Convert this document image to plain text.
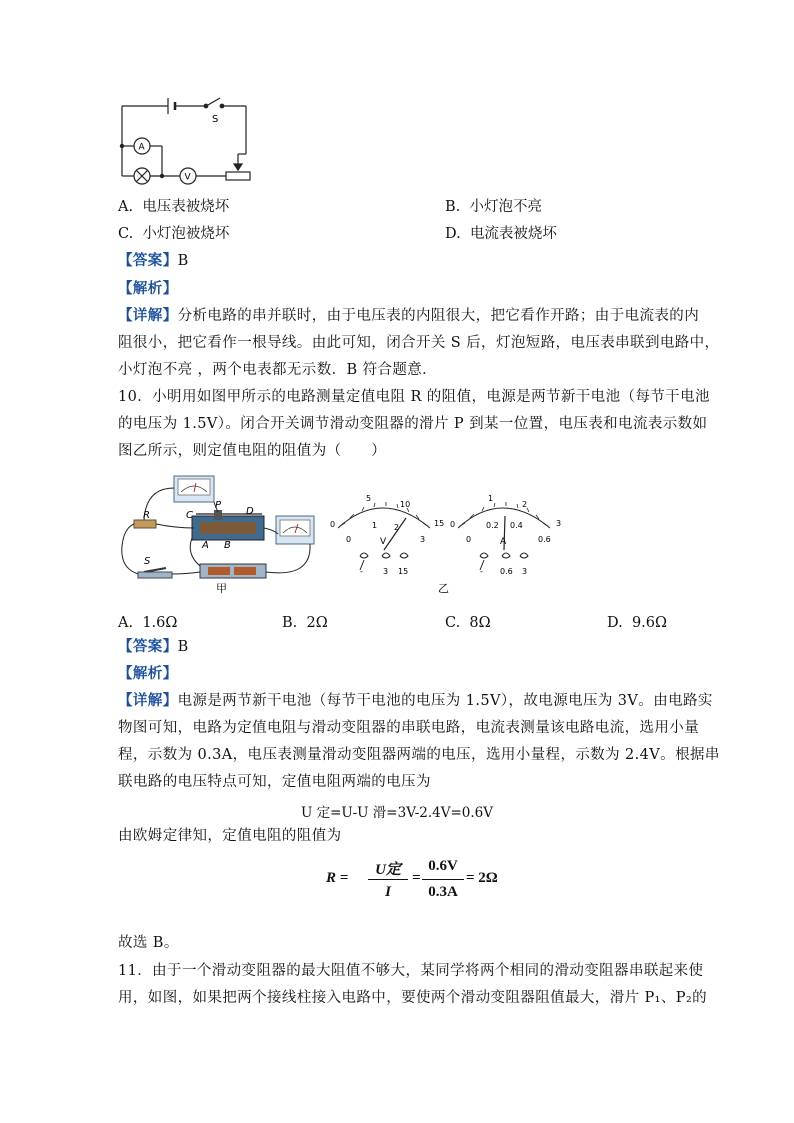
S
A
V
A. 电压表被烧坏	B. 小灯泡不亮
C. 小灯泡被烧坏	D. 电流表被烧坏
【答案】B
【解析】
【详解】分析电路的串并联时，由于电压表的内阻很大，把它看作开路；由于电流表的内
阻很小，把它看作一根导线。由此可知，闭合开关 S 后，灯泡短路，电压表串联到电路中，
小灯泡不亮 ，两个电表都无示数．B 符合题意．
10．小明用如图甲所示的电路测量定值电阻 R 的阻值，电源是两节新干电池（每节干电池
的电压为 1.5V）。闭合开关调节滑动变阻器的滑片 P 到某一位置，电压表和电流表示数如
图乙所示，则定值电阻的阻值为（　　）
R	C
P
D
A B
S
甲
5
10
15
0
0
1 2
3
V
-	3 15
0
1
2
3
0
0.2 0.4
0.6
A
- 0.6 3
乙
A. 1.6Ω	B. 2Ω	C. 8Ω	D. 9.6Ω
【答案】B
【解析】
【详解】电源是两节新干电池（每节干电池的电压为 1.5V），故电源电压为 3V。由电路实
物图可知，电路为定值电阻与滑动变阻器的串联电路，电流表测量该电路电流，选用小量
程，示数为 0.3A，电压表测量滑动变阻器两端的电压，选用小量程，示数为 2.4V。根据串
联电路的电压特点可知，定值电阻两端的电压为
U 定=U-U 滑=3V-2.4V=0.6V
由欧姆定律知，定值电阻的阻值为
R =	U定
I
=
0.6V
0.3A
= 2Ω
故选 B。
11．由于一个滑动变阻器的最大阻值不够大，某同学将两个相同的滑动变阻器串联起来使
用，如图，如果把两个接线柱接入电路中，要使两个滑动变阻器阻值最大，滑片 P₁、P₂的
